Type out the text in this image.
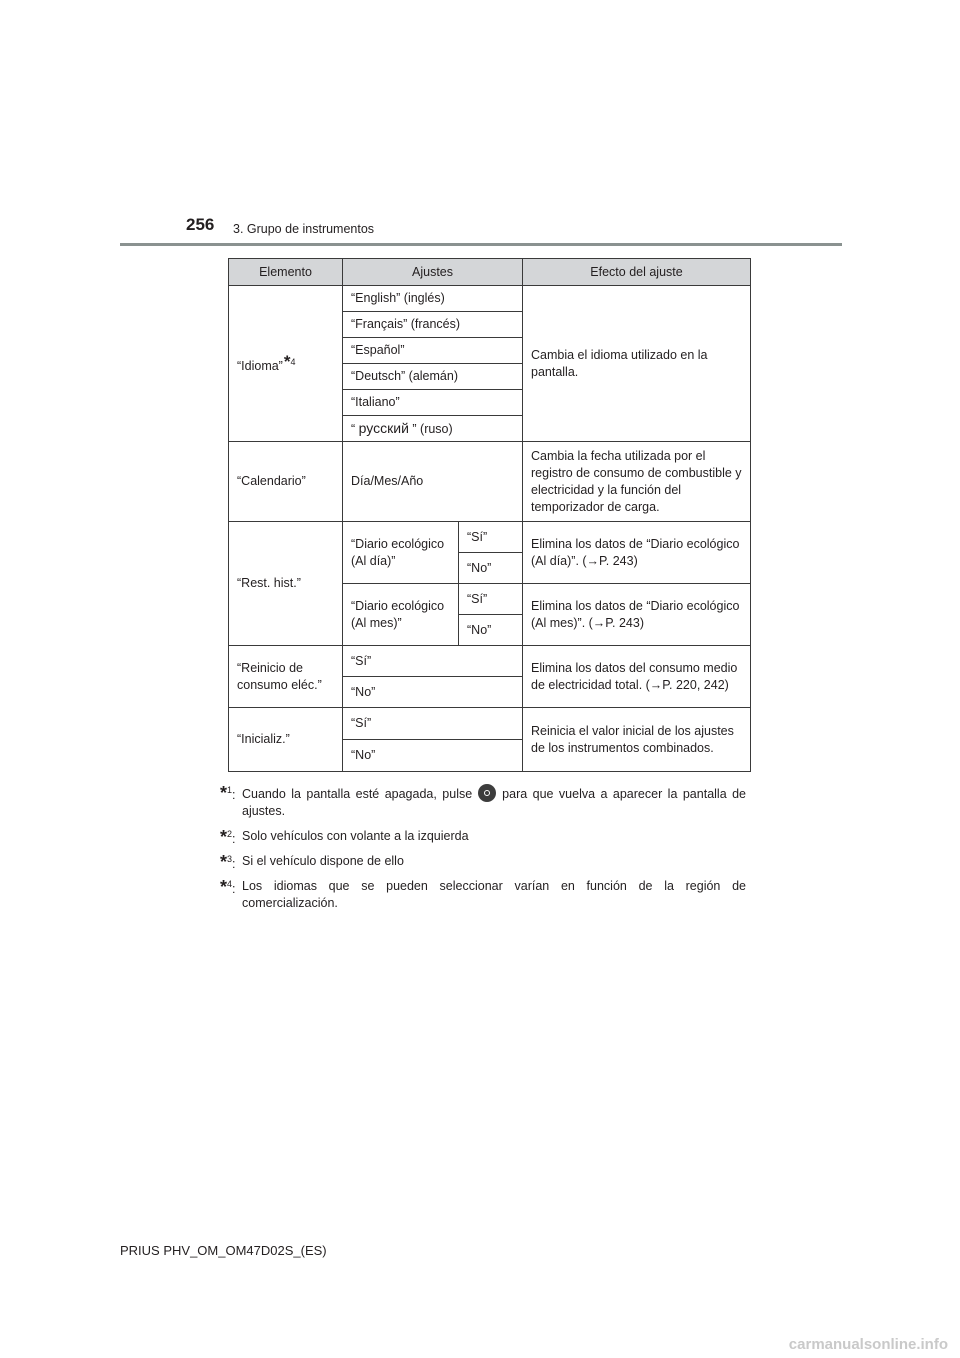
256 3. Grupo de instrumentos
Elemento	Ajustes		Efecto del ajuste
“Idioma”*$^4$	“English” (inglés)		Cambia el idioma utilizado en la pantalla.
	“Français” (francés)		
	“Español”		
	“Deutsch” (alemán)		
	“Italiano”		
	“ русский ” (ruso)		
“Calendario”	Día/Mes/Año		Cambia la fecha utilizada por el registro de consumo de combustible y electricidad y la función del temporizador de carga.
“Rest. hist.”	“Diario ecológico (Al día)”	“Sí”	Elimina los datos de “Diario ecológico (Al día)”. (→P. 243)
		“No”	
	“Diario ecológico (Al mes)”	“Sí”	Elimina los datos de “Diario ecológico (Al mes)”. (→P. 243)
		“No”	
“Reinicio de consumo eléc.”	“Sí”		Elimina los datos del consumo medio de electricidad total. (→P. 220, 242)
	“No”		
“Inicializ.”	“Sí”		Reinicia el valor inicial de los ajustes de los instrumentos combinados.
	“No”		
*$^1$: Cuando la pantalla esté apagada, pulse para que vuelva a aparecer la pantalla de ajustes.
*$^2$: Solo vehículos con volante a la izquierda
*$^3$: Si el vehículo dispone de ello
*$^4$: Los idiomas que se pueden seleccionar varían en función de la región de comercialización.
PRIUS PHV_OM_OM47D02S_(ES)
carmanualsonline.info
